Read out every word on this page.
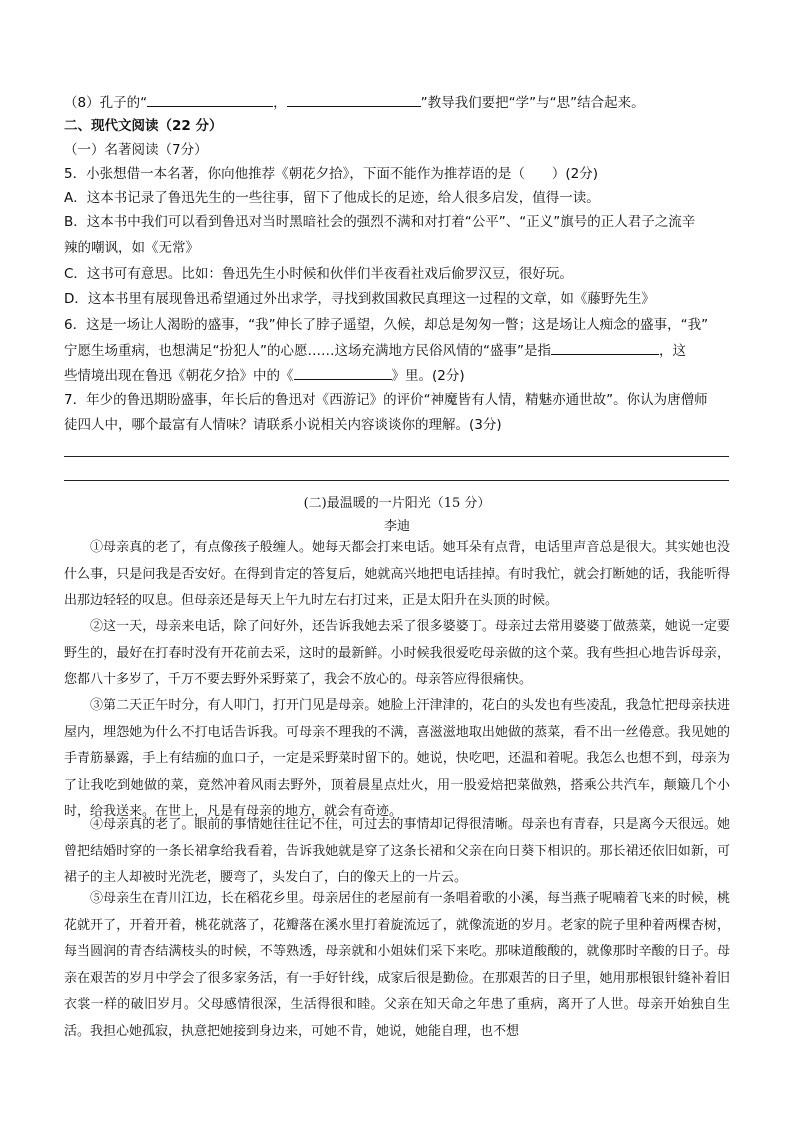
（8）孔子的“	，	”教导我们要把“学”与“思”结合起来。
二、现代文阅读（22 分）
（一）名著阅读（7分）
5．小张想借一本名著，你向他推荐《朝花夕拾》，下面不能作为推荐语的是（　　）(2分)
A．这本书记录了鲁迅先生的一些往事，留下了他成长的足迹，给人很多启发，值得一读。
B．这本书中我们可以看到鲁迅对当时黑暗社会的强烈不满和对打着“公平”、“正义”旗号的正人君子之流辛
辣的嘲讽，如《无常》
C．这书可有意思。比如：鲁迅先生小时候和伙伴们半夜看社戏后偷罗汉豆，很好玩。
D．这本书里有展现鲁迅希望通过外出求学，寻找到救国救民真理这一过程的文章，如《藤野先生》
6．这是一场让人渴盼的盛事，“我”伸长了脖子遥望，久候，却总是匆匆一瞥；这是场让人痴念的盛事，“我”
宁愿生场重病，也想满足“扮犯人”的心愿……这场充满地方民俗风情的“盛事”是指	，这
些情境出现在鲁迅《朝花夕拾》中的《	》里。(2分)
7．年少的鲁迅期盼盛事，年长后的鲁迅对《西游记》的评价“神魔皆有人情，精魅亦通世故”。你认为唐僧师
徒四人中，哪个最富有人情味？请联系小说相关内容谈谈你的理解。(3分)
(二)最温暖的一片阳光（15 分）
李迪

①母亲真的老了，有点像孩子般缠人。她每天都会打来电话。她耳朵有点背，电话里声音总是很大。其实她也没什么事，只是问我是否安好。在得到肯定的答复后，她就高兴地把电话挂掉。有时我忙，就会打断她的话，我能听得出那边轻轻的叹息。但母亲还是每天上午九时左右打过来，正是太阳升在头顶的时候。

②这一天，母亲来电话，除了问好外，还告诉我她去采了很多婆婆丁。母亲过去常用婆婆丁做蒸菜，她说一定要野生的，最好在打春时没有开花前去采，这时的最新鲜。小时候我很爱吃母亲做的这个菜。我有些担心地告诉母亲，您都八十多岁了，千万不要去野外采野菜了，我会不放心的。母亲答应得很痛快。

③第二天正午时分，有人叩门，打开门见是母亲。她脸上汗津津的，花白的头发也有些凌乱，我急忙把母亲扶进屋内，埋怨她为什么不打电话告诉我。可母亲不理我的不满，喜滋滋地取出她做的蒸菜，看不出一丝倦意。我见她的手青筋暴露，手上有结痂的血口子，一定是采野菜时留下的。她说，快吃吧，还温和着呢。我怎么也想不到，母亲为了让我吃到她做的菜，竟然冲着风雨去野外，顶着晨星点灶火，用一股爱焙把菜做熟，搭乘公共汽车，颠簸几个小时，给我送来。在世上，凡是有母亲的地方，就会有奇迹。

④母亲真的老了。眼前的事情她往往记不住，可过去的事情却记得很清晰。母亲也有青春，只是离今天很远。她曾把结婚时穿的一条长裙拿给我看着，告诉我她就是穿了这条长裙和父亲在向日葵下相识的。那长裙还依旧如新，可裙子的主人却被时光洗老，腰弯了，头发白了，白的像天上的一片云。

⑤母亲生在青川江边，长在稻花乡里。母亲居住的老屋前有一条唱着歌的小溪，每当燕子呢喃着飞来的时候，桃花就开了，开着开着，桃花就落了，花瓣落在溪水里打着旋流远了，就像流逝的岁月。老家的院子里种着两棵杏树，每当圆润的青杏结满枝头的时候，不等熟透，母亲就和小姐妹们采下来吃。那味道酸酸的，就像那时辛酸的日子。母亲在艰苦的岁月中学会了很多家务活，有一手好针线，成家后很是勤俭。在那艰苦的日子里，她用那根银针缝补着旧衣裳一样的破旧岁月。父母感情很深，生活得很和睦。父亲在知天命之年患了重病，离开了人世。母亲开始独自生活。我担心她孤寂，执意把她接到身边来，可她不肯，她说，她能自理，也不想
